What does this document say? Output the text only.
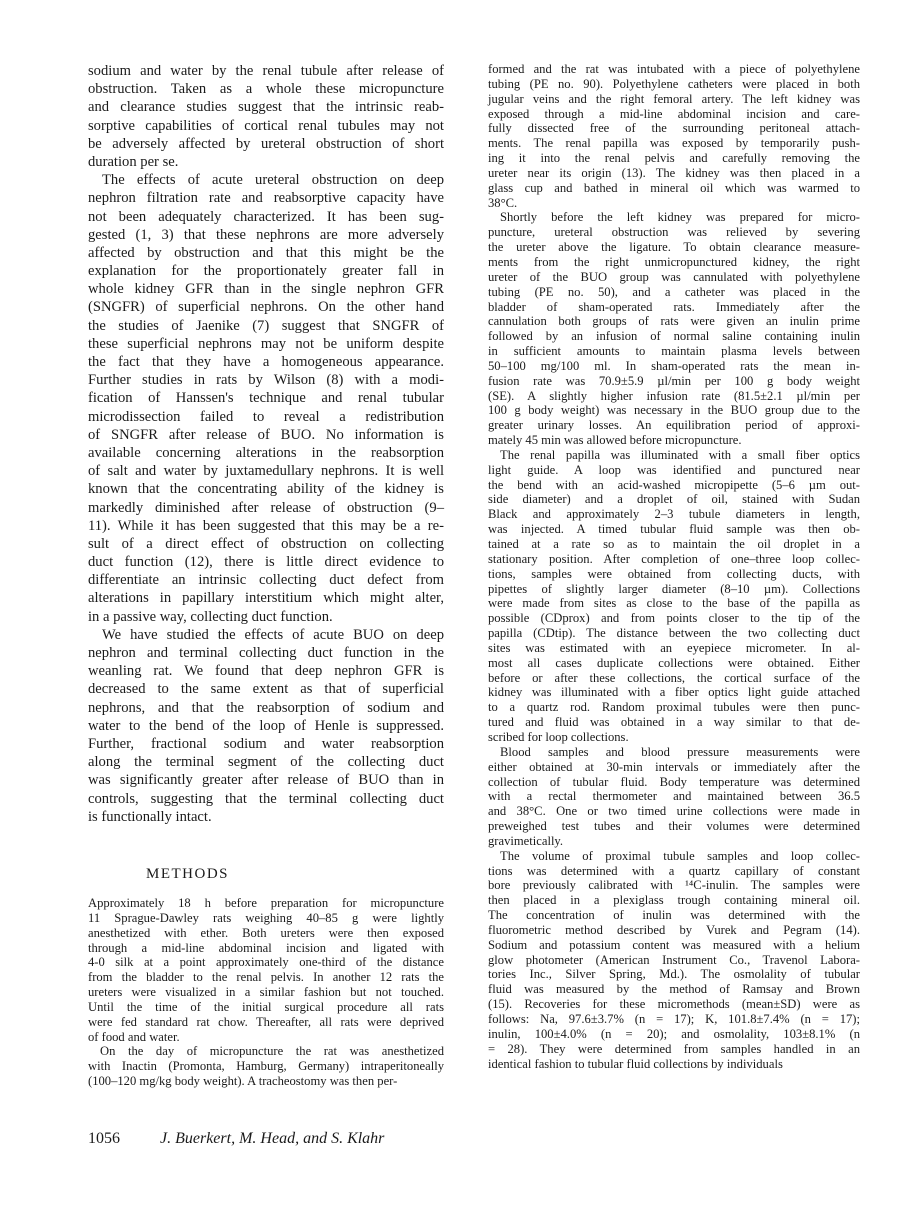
sodium and water by the renal tubule after release of
obstruction. Taken as a whole these micropuncture
and clearance studies suggest that the intrinsic reab-
sorptive capabilities of cortical renal tubules may not
be adversely affected by ureteral obstruction of short
duration per se.
The effects of acute ureteral obstruction on deep
nephron filtration rate and reabsorptive capacity have
not been adequately characterized. It has been sug-
gested (1, 3) that these nephrons are more adversely
affected by obstruction and that this might be the
explanation for the proportionately greater fall in
whole kidney GFR than in the single nephron GFR
(SNGFR) of superficial nephrons. On the other hand
the studies of Jaenike (7) suggest that SNGFR of
these superficial nephrons may not be uniform despite
the fact that they have a homogeneous appearance.
Further studies in rats by Wilson (8) with a modi-
fication of Hanssen's technique and renal tubular
microdissection failed to reveal a redistribution
of SNGFR after release of BUO. No information is
available concerning alterations in the reabsorption
of salt and water by juxtamedullary nephrons. It is well
known that the concentrating ability of the kidney is
markedly diminished after release of obstruction (9–
11). While it has been suggested that this may be a re-
sult of a direct effect of obstruction on collecting
duct function (12), there is little direct evidence to
differentiate an intrinsic collecting duct defect from
alterations in papillary interstitium which might alter,
in a passive way, collecting duct function.
We have studied the effects of acute BUO on deep
nephron and terminal collecting duct function in the
weanling rat. We found that deep nephron GFR is
decreased to the same extent as that of superficial
nephrons, and that the reabsorption of sodium and
water to the bend of the loop of Henle is suppressed.
Further, fractional sodium and water reabsorption
along the terminal segment of the collecting duct
was significantly greater after release of BUO than in
controls, suggesting that the terminal collecting duct
is functionally intact.
METHODS
Approximately 18 h before preparation for micropuncture
11 Sprague-Dawley rats weighing 40–85 g were lightly
anesthetized with ether. Both ureters were then exposed
through a mid-line abdominal incision and ligated with
4-0 silk at a point approximately one-third of the distance
from the bladder to the renal pelvis. In another 12 rats the
ureters were visualized in a similar fashion but not touched.
Until the time of the initial surgical procedure all rats
were fed standard rat chow. Thereafter, all rats were deprived
of food and water.
On the day of micropuncture the rat was anesthetized
with Inactin (Promonta, Hamburg, Germany) intraperitoneally
(100–120 mg/kg body weight). A tracheostomy was then per-
formed and the rat was intubated with a piece of polyethylene
tubing (PE no. 90). Polyethylene catheters were placed in both
jugular veins and the right femoral artery. The left kidney was
exposed through a mid-line abdominal incision and care-
fully dissected free of the surrounding peritoneal attach-
ments. The renal papilla was exposed by temporarily push-
ing it into the renal pelvis and carefully removing the
ureter near its origin (13). The kidney was then placed in a
glass cup and bathed in mineral oil which was warmed to
38°C.
Shortly before the left kidney was prepared for micro-
puncture, ureteral obstruction was relieved by severing
the ureter above the ligature. To obtain clearance measure-
ments from the right unmicropunctured kidney, the right
ureter of the BUO group was cannulated with polyethylene
tubing (PE no. 50), and a catheter was placed in the
bladder of sham-operated rats. Immediately after the
cannulation both groups of rats were given an inulin prime
followed by an infusion of normal saline containing inulin
in sufficient amounts to maintain plasma levels between
50–100 mg/100 ml. In sham-operated rats the mean in-
fusion rate was 70.9±5.9 µl/min per 100 g body weight
(SE). A slightly higher infusion rate (81.5±2.1 µl/min per
100 g body weight) was necessary in the BUO group due to the
greater urinary losses. An equilibration period of approxi-
mately 45 min was allowed before micropuncture.
The renal papilla was illuminated with a small fiber optics
light guide. A loop was identified and punctured near
the bend with an acid-washed micropipette (5–6 µm out-
side diameter) and a droplet of oil, stained with Sudan
Black and approximately 2–3 tubule diameters in length,
was injected. A timed tubular fluid sample was then ob-
tained at a rate so as to maintain the oil droplet in a
stationary position. After completion of one–three loop collec-
tions, samples were obtained from collecting ducts, with
pipettes of slightly larger diameter (8–10 µm). Collections
were made from sites as close to the base of the papilla as
possible (CDprox) and from points closer to the tip of the
papilla (CDtip). The distance between the two collecting duct
sites was estimated with an eyepiece micrometer. In al-
most all cases duplicate collections were obtained. Either
before or after these collections, the cortical surface of the
kidney was illuminated with a fiber optics light guide attached
to a quartz rod. Random proximal tubules were then punc-
tured and fluid was obtained in a way similar to that de-
scribed for loop collections.
Blood samples and blood pressure measurements were
either obtained at 30-min intervals or immediately after the
collection of tubular fluid. Body temperature was determined
with a rectal thermometer and maintained between 36.5
and 38°C. One or two timed urine collections were made in
preweighed test tubes and their volumes were determined
gravimetically.
The volume of proximal tubule samples and loop collec-
tions was determined with a quartz capillary of constant
bore previously calibrated with ¹⁴C-inulin. The samples were
then placed in a plexiglass trough containing mineral oil.
The concentration of inulin was determined with the
fluorometric method described by Vurek and Pegram (14).
Sodium and potassium content was measured with a helium
glow photometer (American Instrument Co., Travenol Labora-
tories Inc., Silver Spring, Md.). The osmolality of tubular
fluid was measured by the method of Ramsay and Brown
(15). Recoveries for these micromethods (mean±SD) were as
follows: Na, 97.6±3.7% (n = 17); K, 101.8±7.4% (n = 17);
inulin, 100±4.0% (n = 20); and osmolality, 103±8.1% (n
= 28). They were determined from samples handled in an
identical fashion to tubular fluid collections by individuals
1056	J. Buerkert, M. Head, and S. Klahr
